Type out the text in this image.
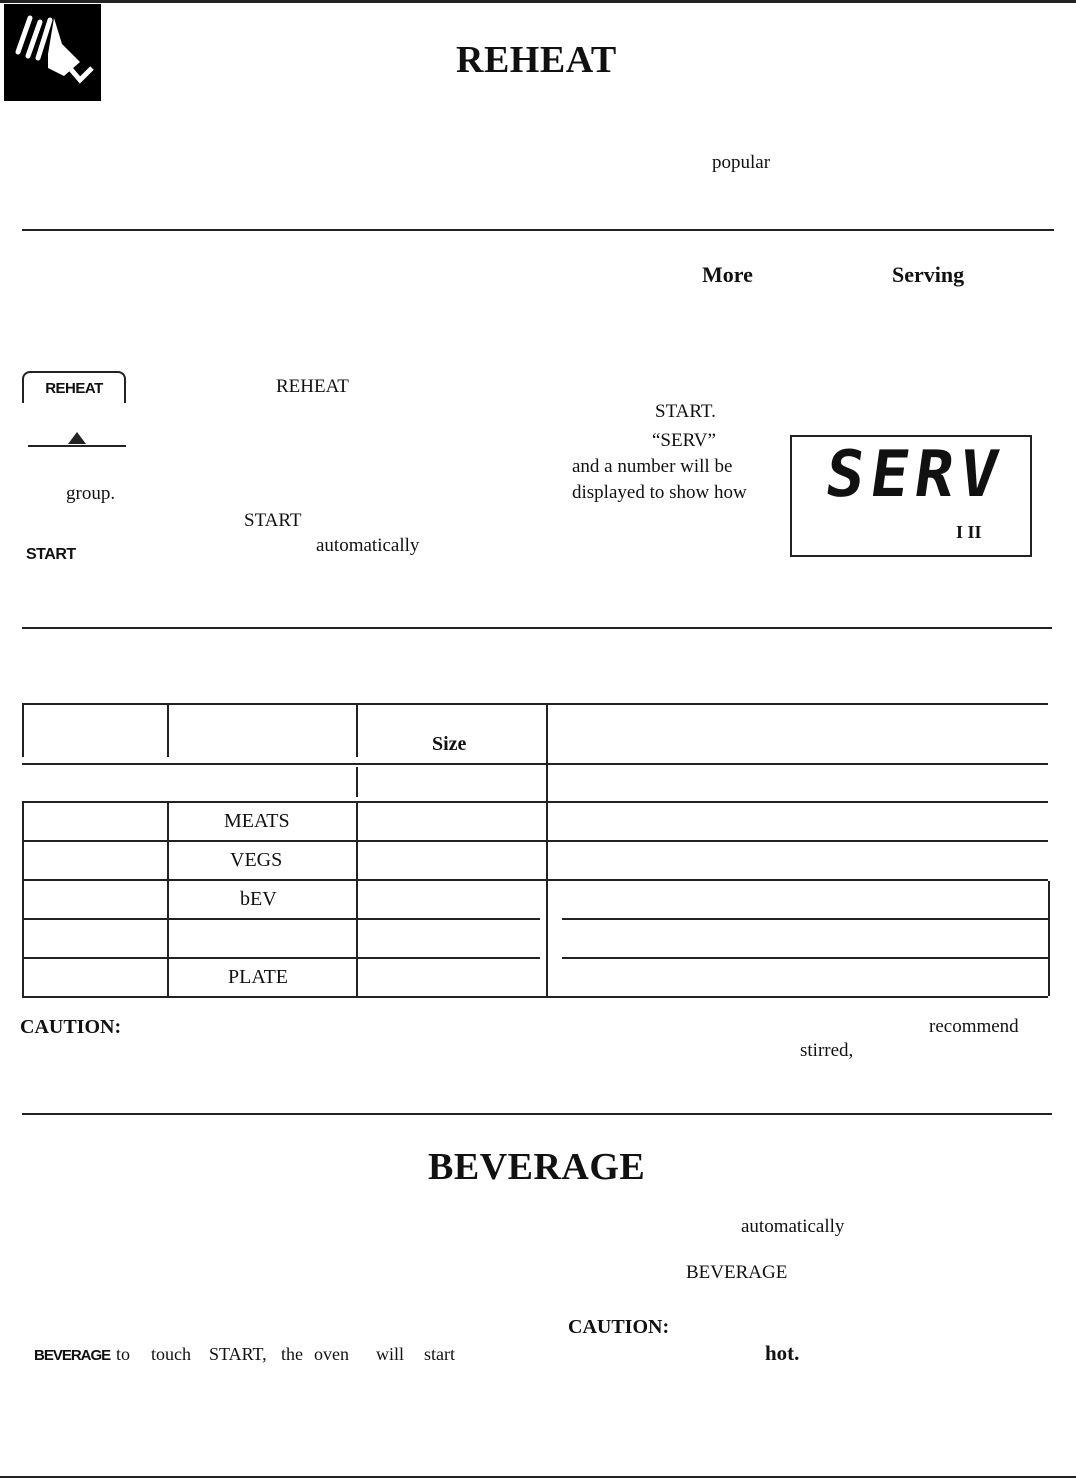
REHEAT
popular
More	Serving
REHEAT	REHEAT
group.
START.
“SERV”
and a number will be
displayed to show how
START
START	automatically
SERV
I II
Size
MEATS
VEGS
bEV
PLATE
CAUTION:	recommend
stirred,
BEVERAGE
automatically
BEVERAGE
CAUTION:
BEVERAGE to touch START, the oven will start	hot.
